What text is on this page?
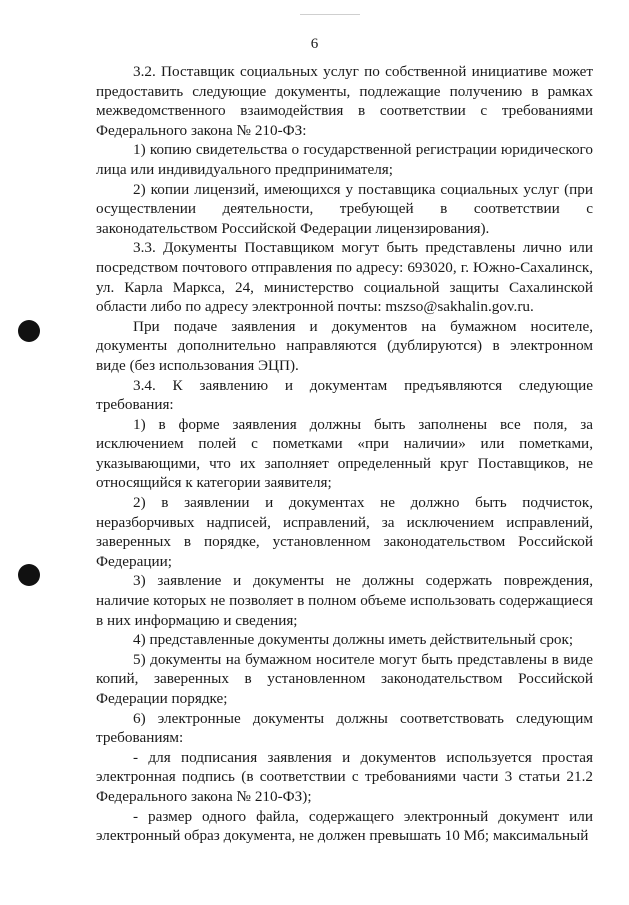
6

3.2. Поставщик социальных услуг по собственной инициативе может предоставить следующие документы, подлежащие получению в рамках межведомственного взаимодействия в соответствии с требованиями Федерального закона № 210-ФЗ:

1) копию свидетельства о государственной регистрации юридического лица или индивидуального предпринимателя;

2) копии лицензий, имеющихся у поставщика социальных услуг (при осуществлении деятельности, требующей в соответствии с законодательством Российской Федерации лицензирования).

3.3. Документы Поставщиком могут быть представлены лично или посредством почтового отправления по адресу: 693020, г. Южно-Сахалинск, ул. Карла Маркса, 24, министерство социальной защиты Сахалинской области либо по адресу электронной почты: mszso@sakhalin.gov.ru.

При подаче заявления и документов на бумажном носителе, документы дополнительно направляются (дублируются) в электронном виде (без использования ЭЦП).

3.4. К заявлению и документам предъявляются следующие требования:

1) в форме заявления должны быть заполнены все поля, за исключением полей с пометками «при наличии» или пометками, указывающими, что их заполняет определенный круг Поставщиков, не относящийся к категории заявителя;

2) в заявлении и документах не должно быть подчисток, неразборчивых надписей, исправлений, за исключением исправлений, заверенных в порядке, установленном законодательством Российской Федерации;

3) заявление и документы не должны содержать повреждения, наличие которых не позволяет в полном объеме использовать содержащиеся в них информацию и сведения;

4) представленные документы должны иметь действительный срок;

5) документы на бумажном носителе могут быть представлены в виде копий, заверенных в установленном законодательством Российской Федерации порядке;

6) электронные документы должны соответствовать следующим требованиям:

- для подписания заявления и документов используется простая электронная подпись (в соответствии с требованиями части 3 статьи 21.2 Федерального закона № 210-ФЗ);

- размер одного файла, содержащего электронный документ или электронный образ документа, не должен превышать 10 Мб; максимальный
